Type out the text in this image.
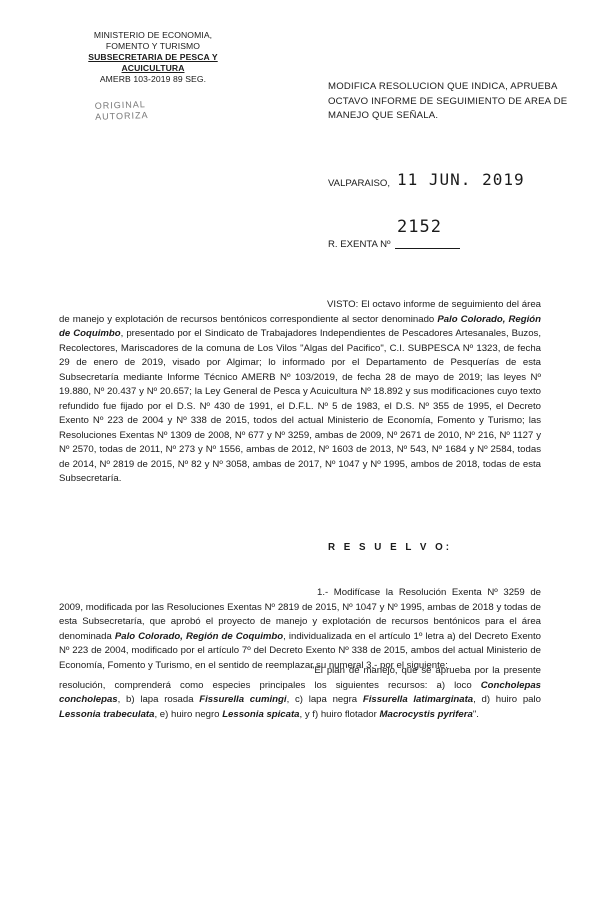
MINISTERIO DE ECONOMIA,
FOMENTO Y TURISMO
SUBSECRETARIA DE PESCA Y ACUICULTURA
AMERB 103-2019 89 SEG.
ORIGINAL
AUTORIZA
MODIFICA RESOLUCION QUE INDICA, APRUEBA OCTAVO INFORME DE SEGUIMIENTO DE AREA DE MANEJO QUE SEÑALA.
VALPARAISO, 11 JUN. 2019
2152
R. EXENTA Nº
VISTO: El octavo informe de seguimiento del área de manejo y explotación de recursos bentónicos correspondiente al sector denominado Palo Colorado, Región de Coquimbo, presentado por el Sindicato de Trabajadores Independientes de Pescadores Artesanales, Buzos, Recolectores, Mariscadores de la comuna de Los Vilos "Algas del Pacifico", C.I. SUBPESCA Nº 1323, de fecha 29 de enero de 2019, visado por Algimar; lo informado por el Departamento de Pesquerías de esta Subsecretaría mediante Informe Técnico AMERB Nº 103/2019, de fecha 28 de mayo de 2019; las leyes Nº 19.880, Nº 20.437 y Nº 20.657; la Ley General de Pesca y Acuicultura Nº 18.892 y sus modificaciones cuyo texto refundido fue fijado por el D.S. Nº 430 de 1991, el D.F.L. Nº 5 de 1983, el D.S. Nº 355 de 1995, el Decreto Exento Nº 223 de 2004 y Nº 338 de 2015, todos del actual Ministerio de Economía, Fomento y Turismo; las Resoluciones Exentas Nº 1309 de 2008, Nº 677 y Nº 3259, ambas de 2009, Nº 2671 de 2010, Nº 216, Nº 1127 y Nº 2570, todas de 2011, Nº 273 y Nº 1556, ambas de 2012, Nº 1603 de 2013, Nº 543, Nº 1684 y Nº 2584, todas de 2014, Nº 2819 de 2015, Nº 82 y Nº 3058, ambas de 2017, Nº 1047 y Nº 1995, ambos de 2018, todas de esta Subsecretaría.
R E S U E L V O:
1.- Modifícase la Resolución Exenta Nº 3259 de 2009, modificada por las Resoluciones Exentas Nº 2819 de 2015, Nº 1047 y Nº 1995, ambas de 2018 y todas de esta Subsecretaría, que aprobó el proyecto de manejo y explotación de recursos bentónicos para el área denominada Palo Colorado, Región de Coquimbo, individualizada en el artículo 1º letra a) del Decreto Exento Nº 223 de 2004, modificado por el artículo 7º del Decreto Exento Nº 338 de 2015, ambos del actual Ministerio de Economía, Fomento y Turismo, en el sentido de reemplazar su numeral 3.- por el siguiente:
"El plan de manejo, que se aprueba por la presente resolución, comprenderá como especies principales los siguientes recursos: a) loco Concholepas concholepas, b) lapa rosada Fissurella cumingi, c) lapa negra Fissurella latimarginata, d) huiro palo Lessonia trabeculata, e) huiro negro Lessonia spicata, y f) huiro flotador Macrocystis pyrifera".
